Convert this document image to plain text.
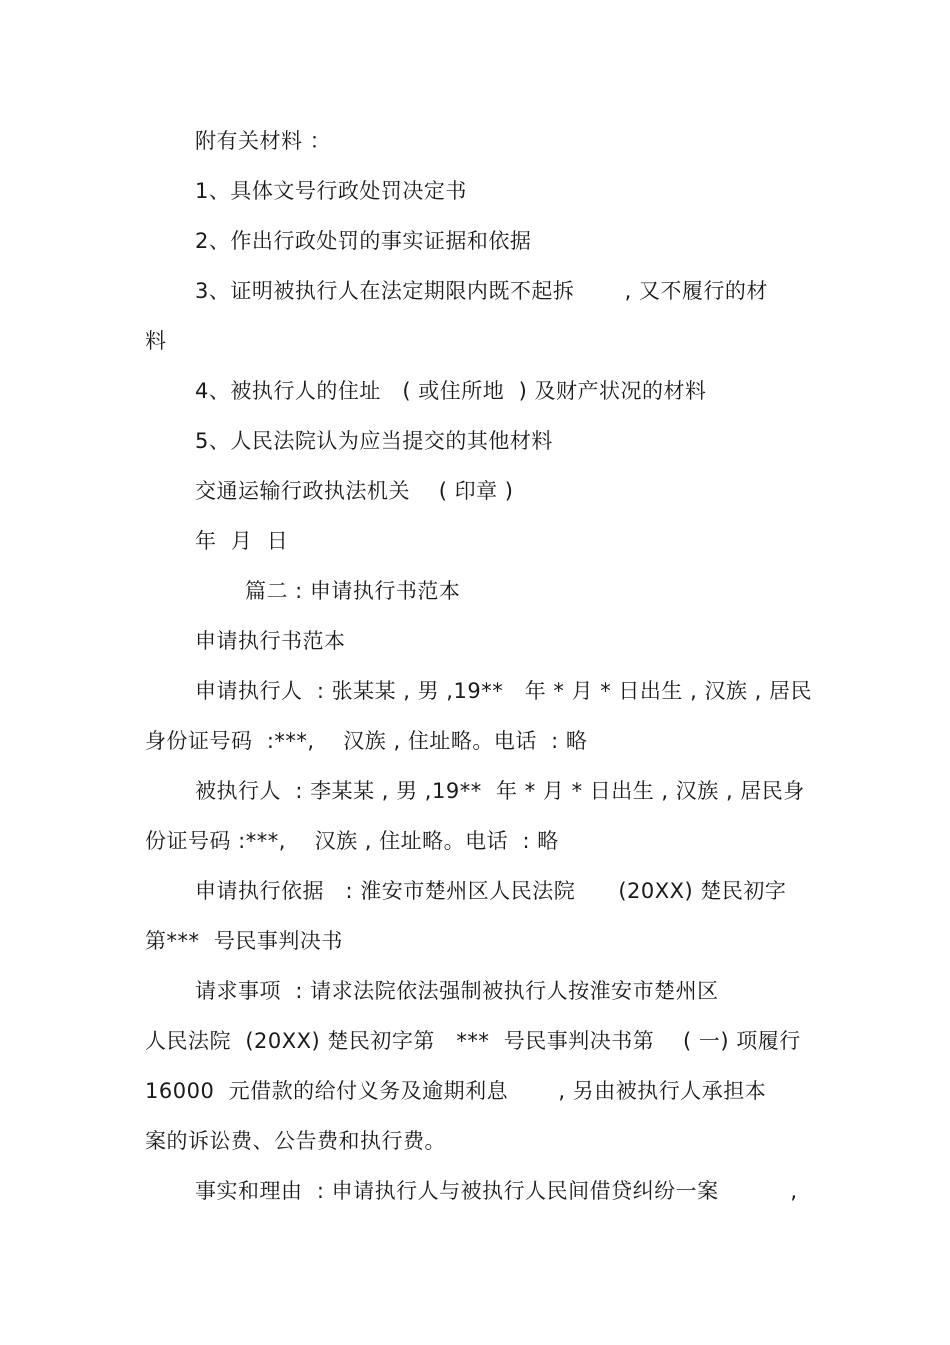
附有关材料 ：
1、具体文号行政处罚决定书
2、作出行政处罚的事实证据和依据
3、证明被执行人在法定期限内既不起拆       , 又不履行的材
料
4、被执行人的住址   ( 或住所地  ) 及财产状况的材料
5、人民法院认为应当提交的其他材料
交通运输行政执法机关    ( 印章 )
年  月  日
篇二 : 申请执行书范本
申请执行书范本
申请执行人  : 张某某 , 男 ,19**   年 * 月 * 日出生 , 汉族 , 居民
身份证号码  :***,    汉族 , 住址略。电话  : 略
被执行人  : 李某某 , 男 ,19**  年 * 月 * 日出生 , 汉族 , 居民身
份证号码 :***,    汉族 , 住址略。电话  : 略
申请执行依据   : 淮安市楚州区人民法院      (20XX) 楚民初字
第***  号民事判决书
请求事项  : 请求法院依法强制被执行人按淮安市楚州区
人民法院  (20XX) 楚民初字第   ***  号民事判决书第    ( 一) 项履行
16000  元借款的给付义务及逾期利息       , 另由被执行人承担本
案的诉讼费、公告费和执行费。
事实和理由  : 申请执行人与被执行人民间借贷纠纷一案          ,
